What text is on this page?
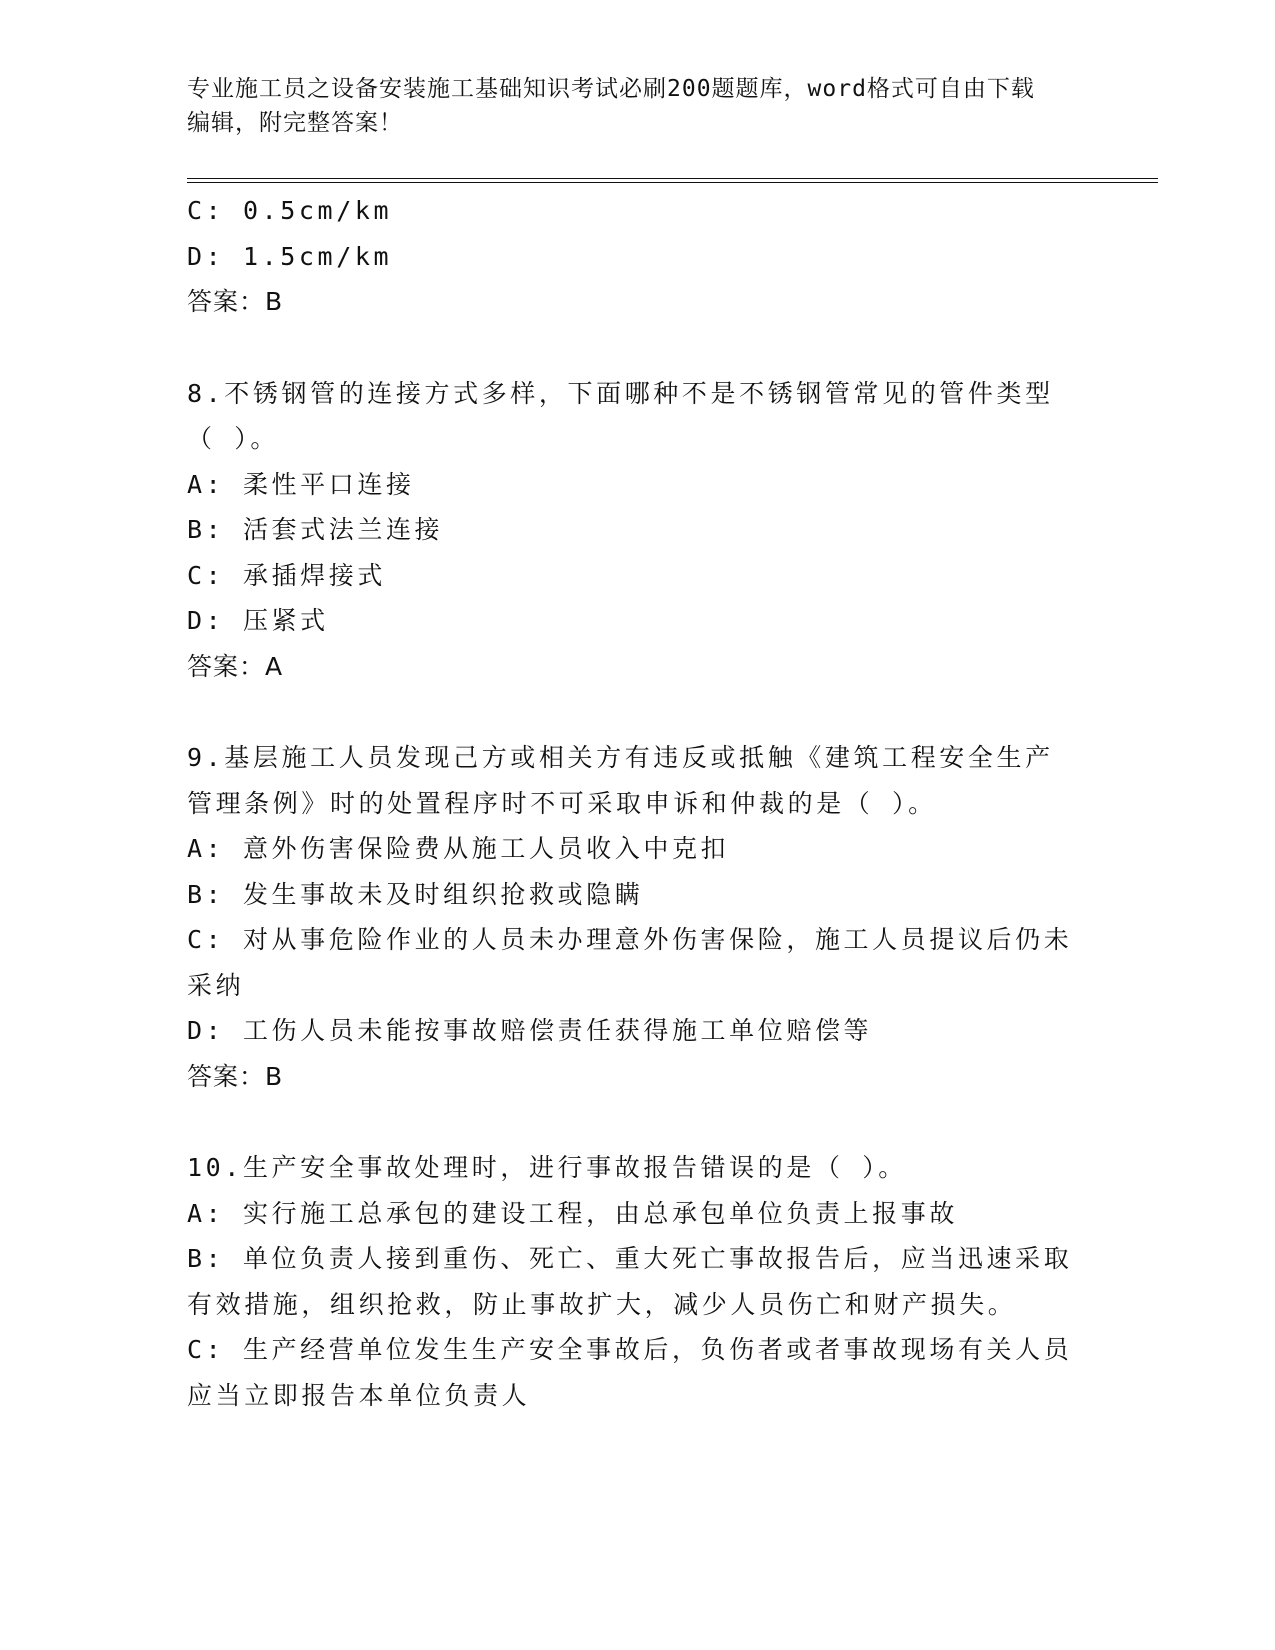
专业施工员之设备安装施工基础知识考试必刷200题题库，word格式可自由下载
编辑，附完整答案！
C: 0.5cm/km
D: 1.5cm/km
答案：B
8.不锈钢管的连接方式多样，下面哪种不是不锈钢管常见的管件类型
（ ）。
A: 柔性平口连接
B: 活套式法兰连接
C: 承插焊接式
D: 压紧式
答案：A
9.基层施工人员发现己方或相关方有违反或抵触《建筑工程安全生产
管理条例》时的处置程序时不可采取申诉和仲裁的是（ ）。
A: 意外伤害保险费从施工人员收入中克扣
B: 发生事故未及时组织抢救或隐瞒
C: 对从事危险作业的人员未办理意外伤害保险，施工人员提议后仍未
采纳
D: 工伤人员未能按事故赔偿责任获得施工单位赔偿等
答案：B
10.生产安全事故处理时，进行事故报告错误的是（ ）。
A: 实行施工总承包的建设工程，由总承包单位负责上报事故
B: 单位负责人接到重伤、死亡、重大死亡事故报告后，应当迅速采取
有效措施，组织抢救，防止事故扩大，减少人员伤亡和财产损失。
C: 生产经营单位发生生产安全事故后，负伤者或者事故现场有关人员
应当立即报告本单位负责人
